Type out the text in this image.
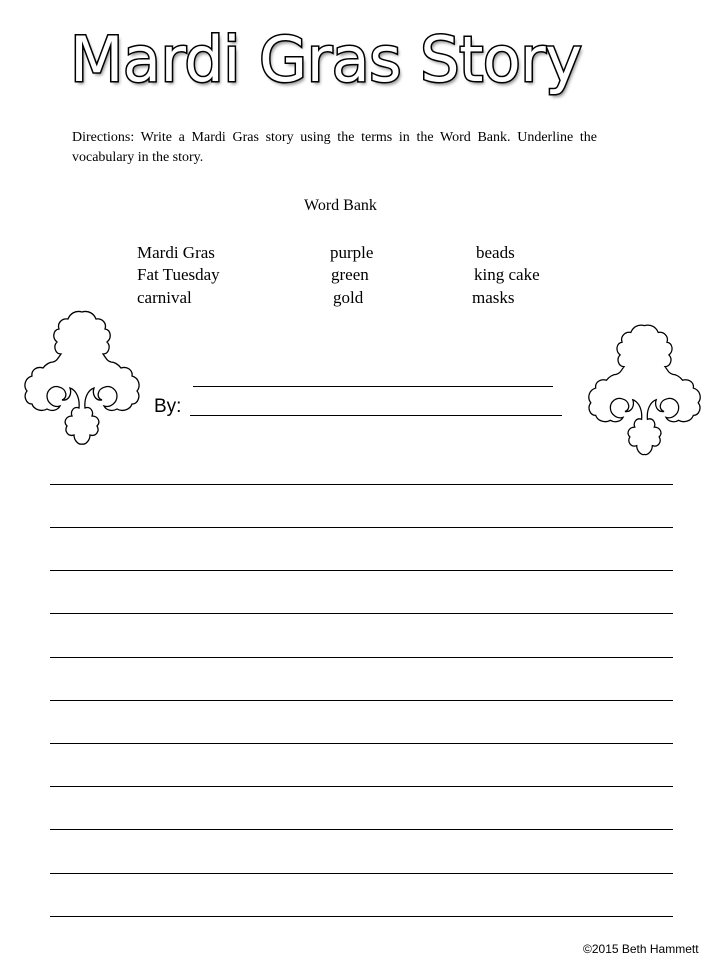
Mardi Gras Story
Directions: Write a Mardi Gras story using the terms in the Word Bank. Underline the vocabulary in the story.
Word Bank
Mardi Gras
Fat Tuesday
carnival
purple
green
gold
beads
king cake
masks
By:
©2015 Beth Hammett
